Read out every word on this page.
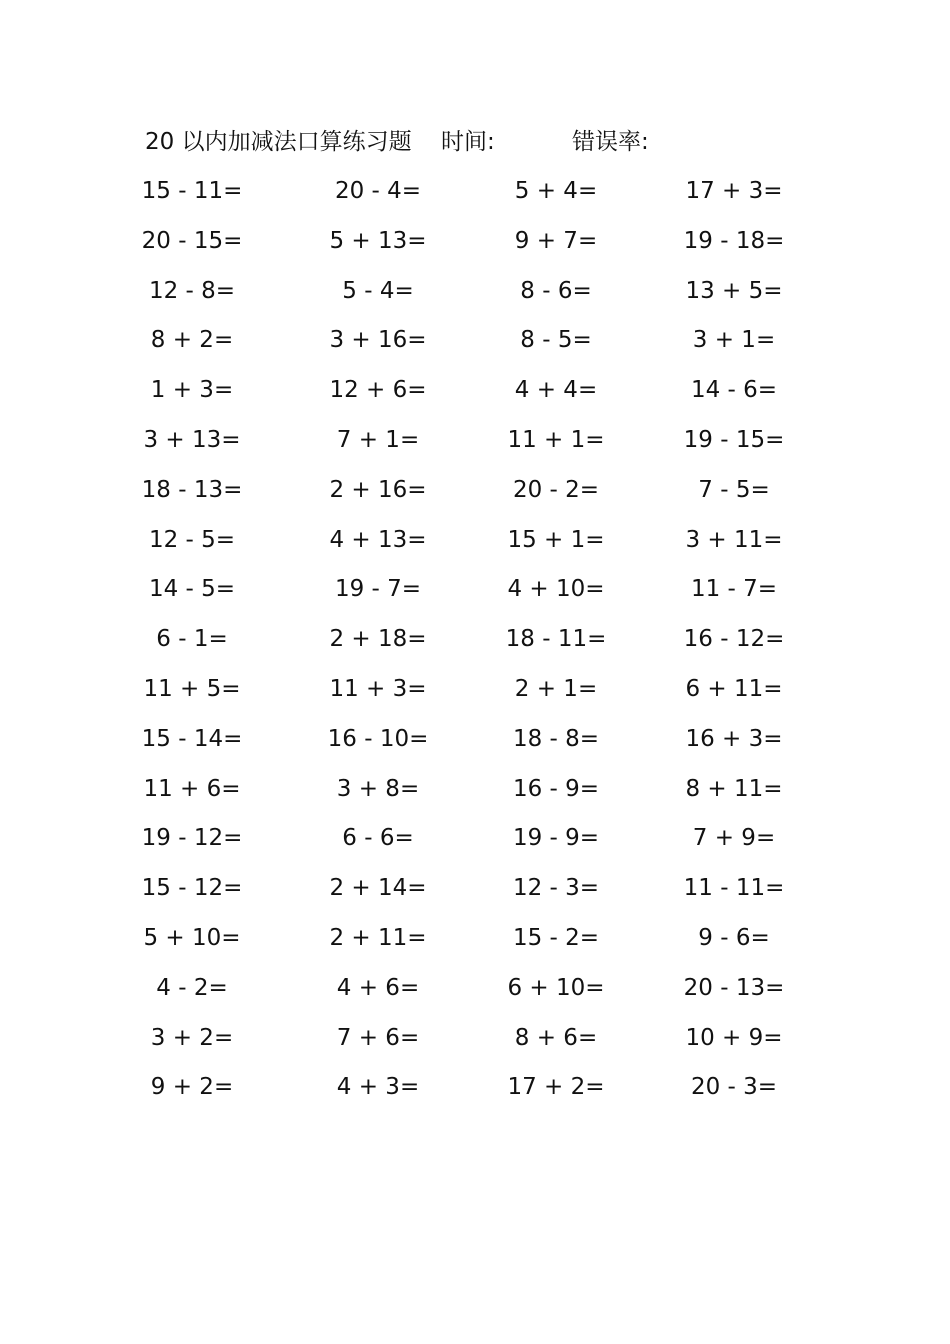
20 以内加减法口算练习题 时间:	错误率:
15 - 11=	20 - 4=	5 + 4=	17 + 3=
20 - 15=	5 + 13=	9 + 7=	19 - 18=
12 - 8=	5 - 4=	8 - 6=	13 + 5=
8 + 2=	3 + 16=	8 - 5=	3 + 1=
1 + 3=	12 + 6=	4 + 4=	14 - 6=
3 + 13=	7 + 1=	11 + 1=	19 - 15=
18 - 13=	2 + 16=	20 - 2=	7 - 5=
12 - 5=	4 + 13=	15 + 1=	3 + 11=
14 - 5=	19 - 7=	4 + 10=	11 - 7=
6 - 1=	2 + 18=	18 - 11=	16 - 12=
11 + 5=	11 + 3=	2 + 1=	6 + 11=
15 - 14=	16 - 10=	18 - 8=	16 + 3=
11 + 6=	3 + 8=	16 - 9=	8 + 11=
19 - 12=	6 - 6=	19 - 9=	7 + 9=
15 - 12=	2 + 14=	12 - 3=	11 - 11=
5 + 10=	2 + 11=	15 - 2=	9 - 6=
4 - 2=	4 + 6=	6 + 10=	20 - 13=
3 + 2=	7 + 6=	8 + 6=	10 + 9=
9 + 2=	4 + 3=	17 + 2=	20 - 3=
